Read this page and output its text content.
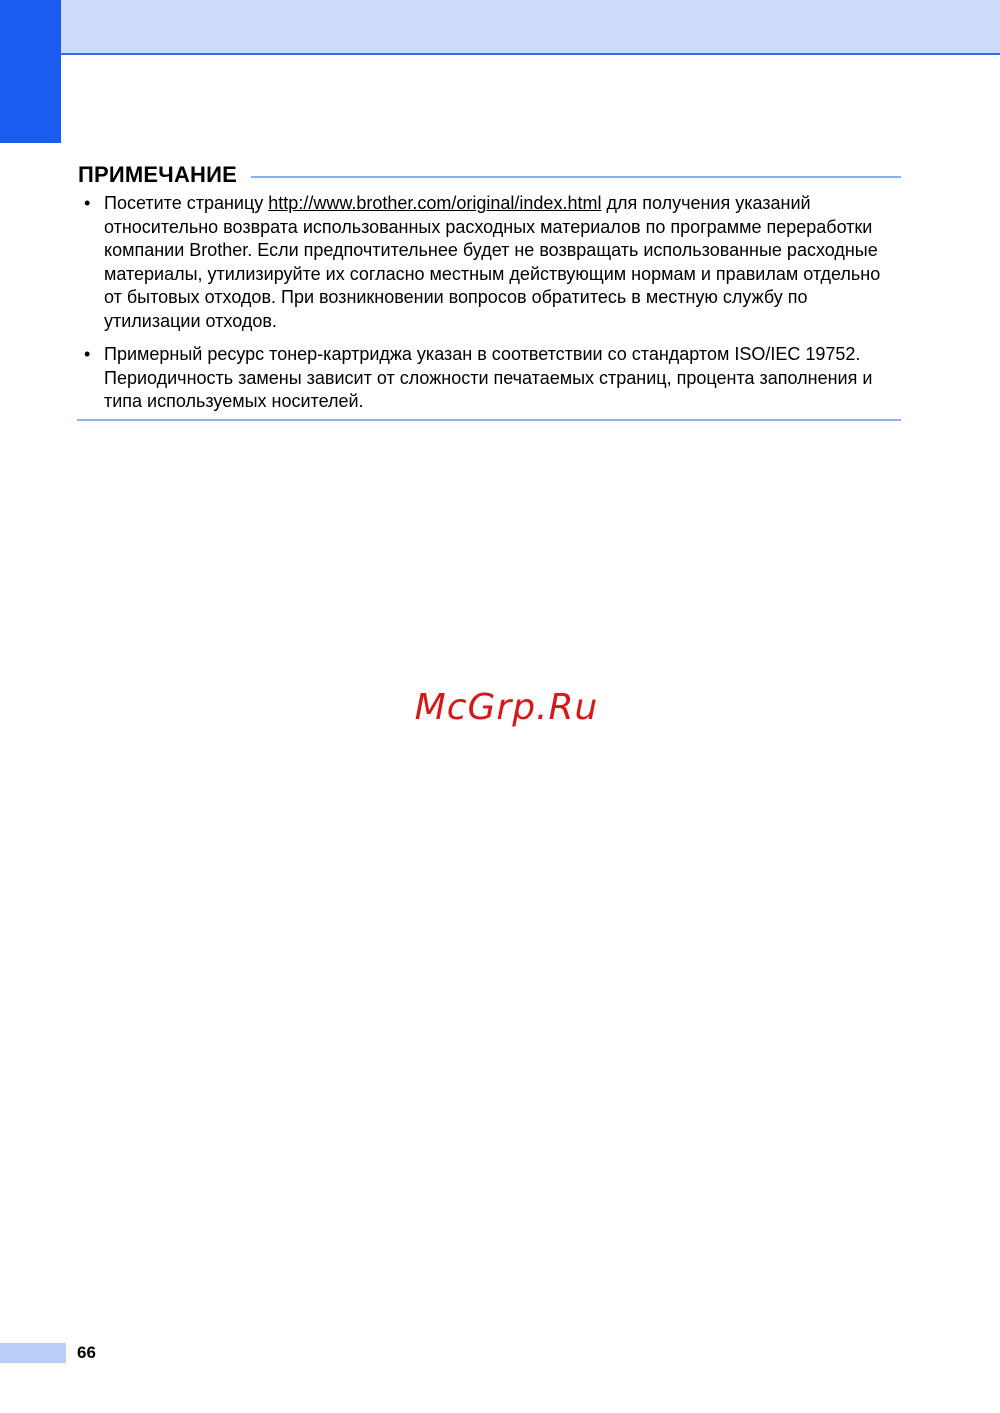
ПРИМЕЧАНИЕ
• Посетите страницу http://www.brother.com/original/index.html для получения указаний относительно возврата использованных расходных материалов по программе переработки компании Brother. Если предпочтительнее будет не возвращать использованные расходные материалы, утилизируйте их согласно местным действующим нормам и правилам отдельно от бытовых отходов. При возникновении вопросов обратитесь в местную службу по утилизации отходов.
• Примерный ресурс тонер-картриджа указан в соответствии со стандартом ISO/IEC 19752. Периодичность замены зависит от сложности печатаемых страниц, процента заполнения и типа используемых носителей.
McGrp.Ru
66
